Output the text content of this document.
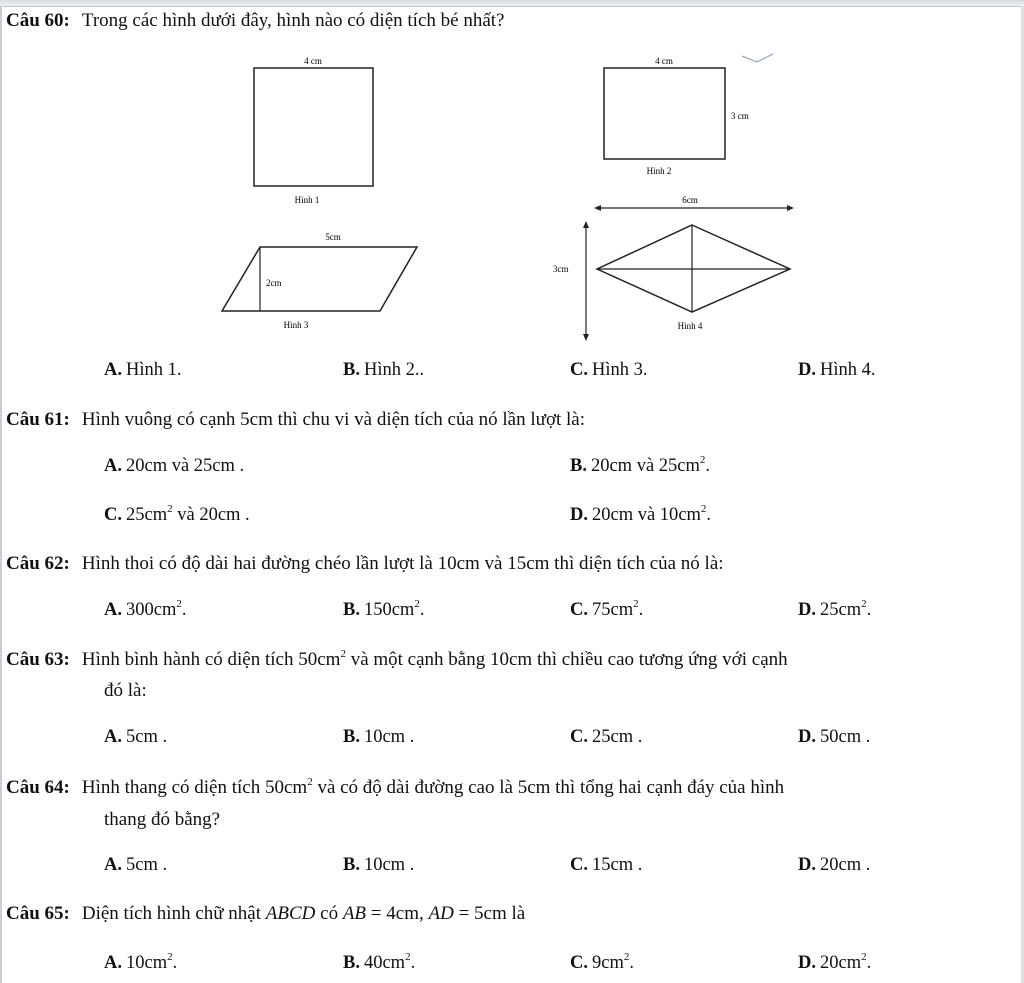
Câu 60: Trong các hình dưới đây, hình nào có diện tích bé nhất?
4 cm
Hình 1
4 cm
3 cm
Hình 2
5cm
2cm
Hình 3
6cm
3cm
Hình 4
A. Hình 1.	B. Hình 2..	C. Hình 3.	D. Hình 4.
Câu 61: Hình vuông có cạnh 5cm thì chu vi và diện tích của nó lần lượt là:
A. 20cm và 25cm .	B. 20cm và $25cm^2$.
C. $25cm^2$ và 20cm .	D. 20cm và $10cm^2$.
Câu 62: Hình thoi có độ dài hai đường chéo lần lượt là 10cm và 15cm thì diện tích của nó là:
A. $300cm^2$.	B. $150cm^2$.	C. $75cm^2$.	D. $25cm^2$.
Câu 63: Hình bình hành có diện tích $50cm^2$ và một cạnh bằng 10cm thì chiều cao tương ứng với cạnh
đó là:
A. 5cm .	B. 10cm .	C. 25cm .	D. 50cm .
Câu 64: Hình thang có diện tích $50cm^2$ và có độ dài đường cao là 5cm thì tổng hai cạnh đáy của hình
thang đó bằng?
A. 5cm .	B. 10cm .	C. 15cm .	D. 20cm .
Câu 65: Diện tích hình chữ nhật ABCD có AB = 4cm, AD = 5cm là
A. $10cm^2$.	B. $40cm^2$.	C. $9cm^2$.	D. $20cm^2$.
